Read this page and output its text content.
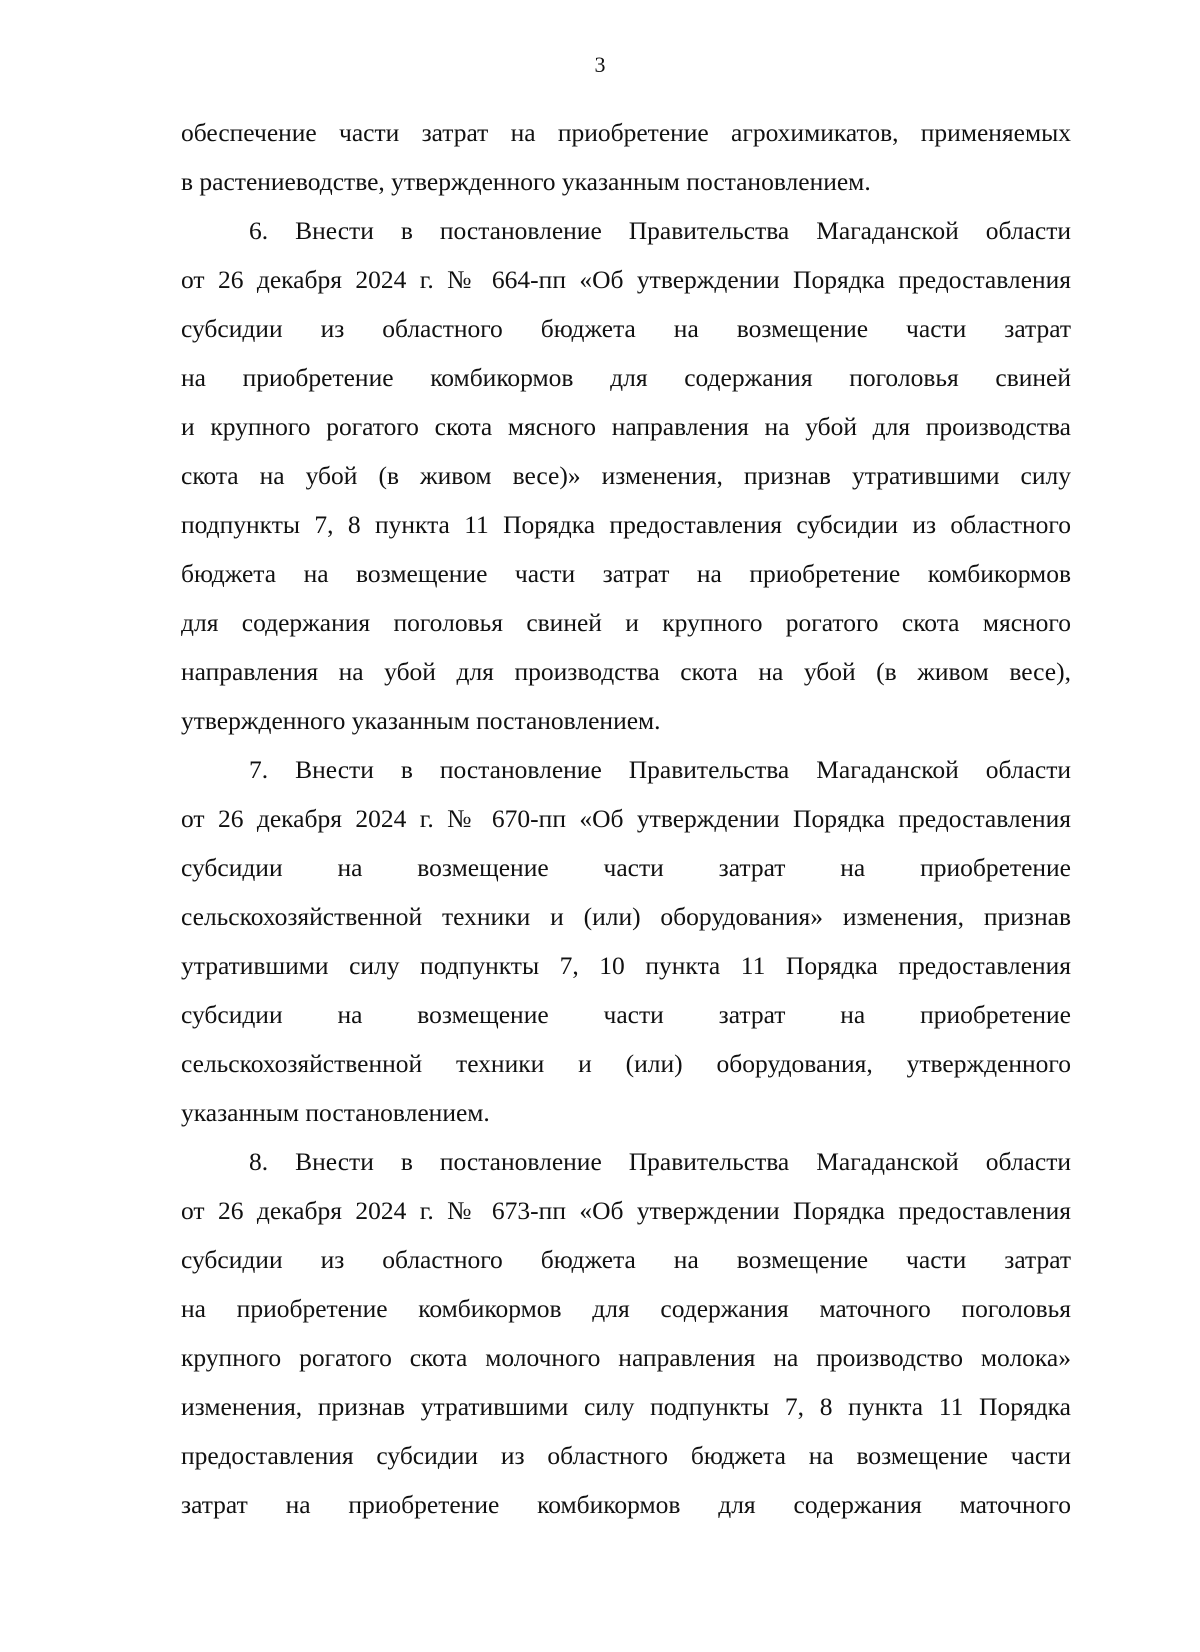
3
обеспечение части затрат на приобретение агрохимикатов, применяемых
в растениеводстве, утвержденного указанным постановлением.
6. Внести в постановление Правительства Магаданской области
от 26 декабря 2024 г. № 664-пп «Об утверждении Порядка предоставления
субсидии из областного бюджета на возмещение части затрат
на приобретение комбикормов для содержания поголовья свиней
и крупного рогатого скота мясного направления на убой для производства
скота на убой (в живом весе)» изменения, признав утратившими силу
подпункты 7, 8 пункта 11 Порядка предоставления субсидии из областного
бюджета на возмещение части затрат на приобретение комбикормов
для содержания поголовья свиней и крупного рогатого скота мясного
направления на убой для производства скота на убой (в живом весе),
утвержденного указанным постановлением.
7. Внести в постановление Правительства Магаданской области
от 26 декабря 2024 г. № 670-пп «Об утверждении Порядка предоставления
субсидии на возмещение части затрат на приобретение
сельскохозяйственной техники и (или) оборудования» изменения, признав
утратившими силу подпункты 7, 10 пункта 11 Порядка предоставления
субсидии на возмещение части затрат на приобретение
сельскохозяйственной техники и (или) оборудования, утвержденного
указанным постановлением.
8. Внести в постановление Правительства Магаданской области
от 26 декабря 2024 г. № 673-пп «Об утверждении Порядка предоставления
субсидии из областного бюджета на возмещение части затрат
на приобретение комбикормов для содержания маточного поголовья
крупного рогатого скота молочного направления на производство молока»
изменения, признав утратившими силу подпункты 7, 8 пункта 11 Порядка
предоставления субсидии из областного бюджета на возмещение части
затрат на приобретение комбикормов для содержания маточного
